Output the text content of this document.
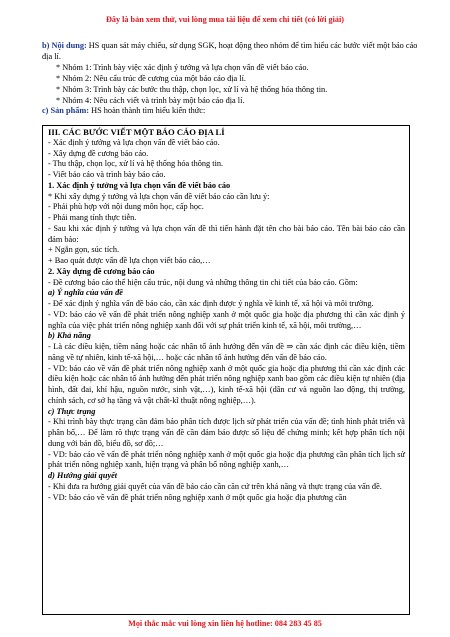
Đây là bản xem thử, vui lòng mua tài liệu để xem chi tiết (có lời giải)

b) Nội dung: HS quan sát máy chiếu, sử dụng SGK, hoạt động theo nhóm để tìm hiểu các bước viết một báo cáo địa lí.

* Nhóm 1: Trình bày việc xác định ý tưởng và lựa chọn vấn đề viết báo cáo.

* Nhóm 2: Nêu cấu trúc đề cương của một báo cáo địa lí.

* Nhóm 3: Trình bày các bước thu thập, chọn lọc, xử lí và hệ thống hóa thông tin.

* Nhóm 4: Nêu cách viết và trình bày một báo cáo địa lí.

c) Sản phẩm: HS hoàn thành tìm hiểu kiến thức:

III. CÁC BƯỚC VIẾT MỘT BÁO CÁO ĐỊA LÍ

- Xác định ý tưởng và lựa chọn vấn đề viết báo cáo.

- Xây dựng đề cương báo cáo.

- Thu thập, chọn lọc, xử lí và hệ thống hóa thông tin.

- Viết báo cáo và trình bày báo cáo.

1. Xác định ý tưởng và lựa chọn vấn đề viết báo cáo

* Khi xây dựng ý tưởng và lựa chọn vấn đề viết báo cáo cần lưu ý:

- Phải phù hợp với nội dung môn học, cấp học.

- Phải mang tính thực tiễn.

- Sau khi xác định ý tưởng và lựa chọn vấn đề thì tiến hành đặt tên cho bài báo cáo. Tên bài báo cáo cần đảm bảo:

+ Ngắn gọn, súc tích.

+ Bao quát được vấn đề lựa chọn viết báo cáo,…

2. Xây dựng đề cương báo cáo

- Đề cương báo cáo thể hiện cấu trúc, nội dung và những thông tin chi tiết của báo cáo. Gồm:

a) Ý nghĩa của vấn đề

- Để xác định ý nghĩa vấn đề báo cáo, cần xác định được ý nghĩa về kinh tế, xã hội và môi trường.

- VD: báo cáo về vấn đề phát triển nông nghiệp xanh ở một quốc gia hoặc địa phương thì cần xác định ý nghĩa của việc phát triển nông nghiệp xanh đối với sự phát triển kinh tế, xã hội, môi trường,…

b) Khả năng

- Là các điều kiện, tiềm năng hoặc các nhân tố ảnh hưởng đến vấn đề ⇒ cần xác định các điều kiện, tiềm năng về tự nhiên, kinh tế-xã hội,… hoặc các nhân tố ảnh hưởng đến vấn đề báo cáo.

- VD: báo cáo về vấn đề phát triển nông nghiệp xanh ở một quốc gia hoặc địa phương thì cần xác định các điều kiện hoặc các nhân tố ảnh hưởng đến phát triển nông nghiệp xanh bao gồm các điều kiện tự nhiên (địa hình, đất đai, khí hậu, nguồn nước, sinh vật,…), kinh tế-xã hội (dân cư và nguồn lao động, thị trường, chính sách, cơ sở hạ tầng và vật chất-kĩ thuật nông nghiệp,…).

c) Thực trạng

- Khi trình bày thực trạng cần đảm bảo phân tích được lịch sử phát triển của vấn đề; tình hình phát triển và phân bố,… Để làm rõ thực trạng vấn đề cần đảm bảo được số liệu để chứng minh; kết hợp phân tích nội dung với bản đồ, biểu đồ, sơ đồ;…

- VD: báo cáo về vấn đề phát triển nông nghiệp xanh ở một quốc gia hoặc địa phương cần phân tích lịch sử phát triển nông nghiệp xanh, hiện trạng và phân bố nông nghiệp xanh,…

d) Hướng giải quyết

- Khi đưa ra hướng giải quyết của vấn đề báo cáo cần căn cứ trên khả năng và thực trạng của vấn đề.

- VD: báo cáo về vấn đề phát triển nông nghiệp xanh ở một quốc gia hoặc địa phương cần

Mọi thắc mắc vui lòng xin liên hệ hotline: 084 283 45 85
